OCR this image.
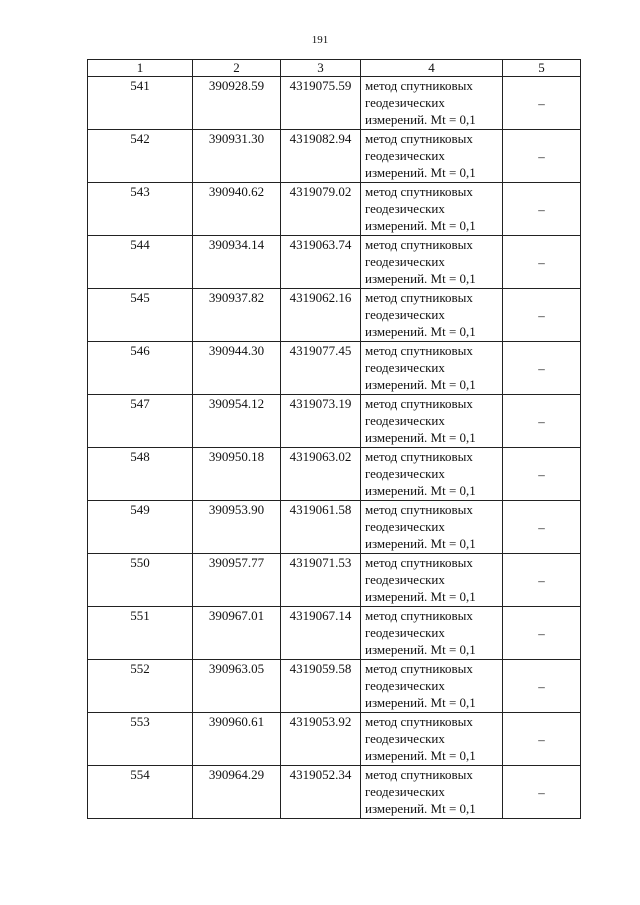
191
1	2	3	4	5
541	390928.59	4319075.59	метод спутниковых
геодезических
измерений. Mt = 0,1	–
542	390931.30	4319082.94	метод спутниковых
геодезических
измерений. Mt = 0,1	–
543	390940.62	4319079.02	метод спутниковых
геодезических
измерений. Mt = 0,1	–
544	390934.14	4319063.74	метод спутниковых
геодезических
измерений. Mt = 0,1	–
545	390937.82	4319062.16	метод спутниковых
геодезических
измерений. Mt = 0,1	–
546	390944.30	4319077.45	метод спутниковых
геодезических
измерений. Mt = 0,1	–
547	390954.12	4319073.19	метод спутниковых
геодезических
измерений. Mt = 0,1	–
548	390950.18	4319063.02	метод спутниковых
геодезических
измерений. Mt = 0,1	–
549	390953.90	4319061.58	метод спутниковых
геодезических
измерений. Mt = 0,1	–
550	390957.77	4319071.53	метод спутниковых
геодезических
измерений. Mt = 0,1	–
551	390967.01	4319067.14	метод спутниковых
геодезических
измерений. Mt = 0,1	–
552	390963.05	4319059.58	метод спутниковых
геодезических
измерений. Mt = 0,1	–
553	390960.61	4319053.92	метод спутниковых
геодезических
измерений. Mt = 0,1	–
554	390964.29	4319052.34	метод спутниковых
геодезических
измерений. Mt = 0,1	–
